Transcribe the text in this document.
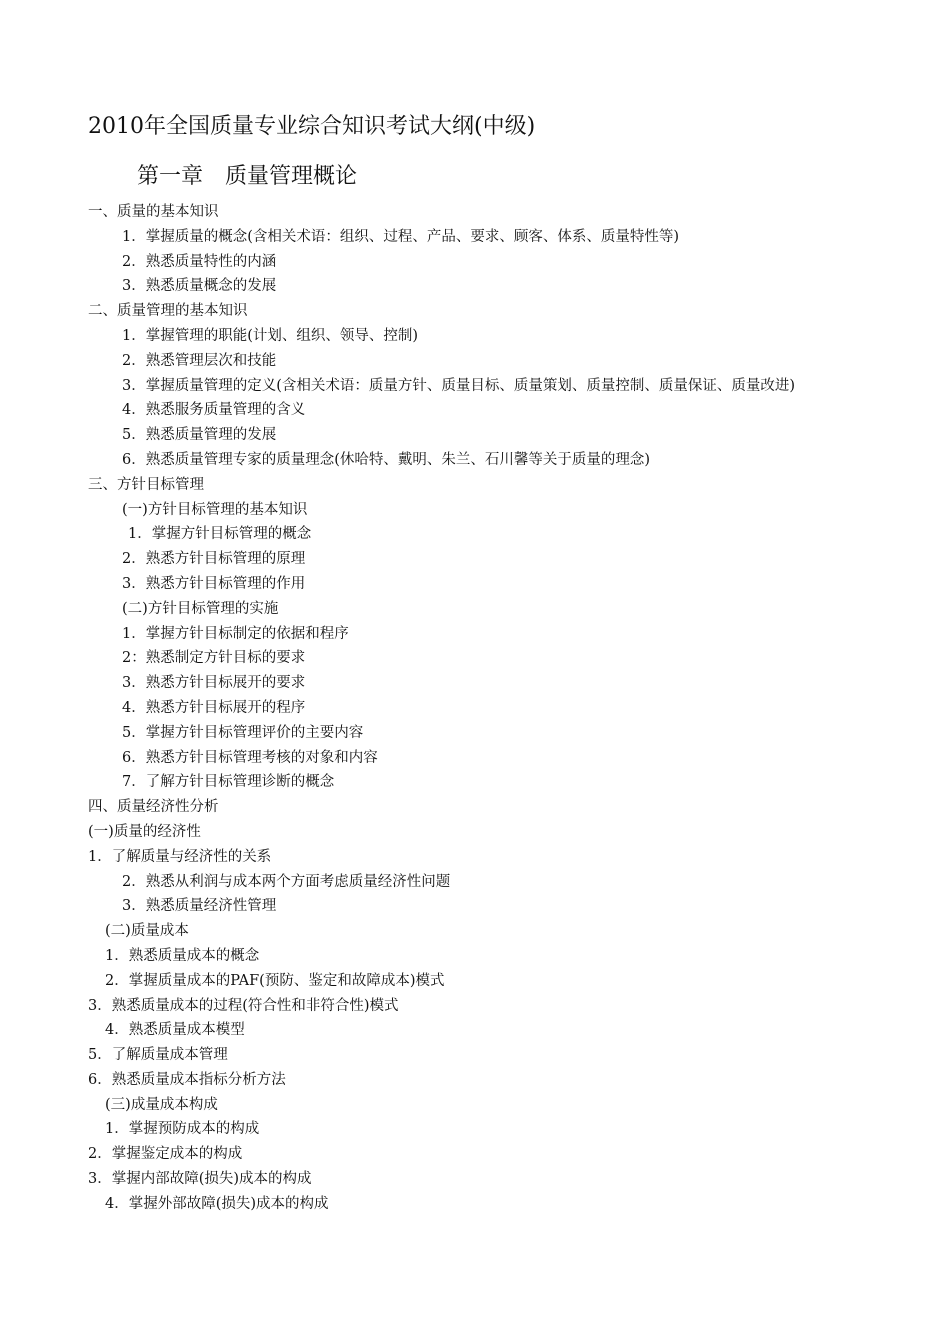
2010年全国质量专业综合知识考试大纲(中级)
第一章　质量管理概论
一、质量的基本知识
1．掌握质量的概念(含相关术语：组织、过程、产品、要求、顾客、体系、质量特性等)
2．熟悉质量特性的内涵
3．熟悉质量概念的发展
二、质量管理的基本知识
1．掌握管理的职能(计划、组织、领导、控制)
2．熟悉管理层次和技能
3．掌握质量管理的定义(含相关术语：质量方针、质量目标、质量策划、质量控制、质量保证、质量改进)
4．熟悉服务质量管理的含义
5．熟悉质量管理的发展
6．熟悉质量管理专家的质量理念(休哈特、戴明、朱兰、石川馨等关于质量的理念)
三、方针目标管理
(一)方针目标管理的基本知识
1．掌握方针目标管理的概念
2．熟悉方针目标管理的原理
3．熟悉方针目标管理的作用
(二)方针目标管理的实施
1．掌握方针目标制定的依据和程序
2：熟悉制定方针目标的要求
3．熟悉方针目标展开的要求
4．熟悉方针目标展开的程序
5．掌握方针目标管理评价的主要内容
6．熟悉方针目标管理考核的对象和内容
7．了解方针目标管理诊断的概念
四、质量经济性分析
(一)质量的经济性
1．了解质量与经济性的关系
2．熟悉从利润与成本两个方面考虑质量经济性问题
3．熟悉质量经济性管理
(二)质量成本
1．熟悉质量成本的概念
2．掌握质量成本的PAF(预防、鉴定和故障成本)模式
3．熟悉质量成本的过程(符合性和非符合性)模式
4．熟悉质量成本模型
5．了解质量成本管理
6．熟悉质量成本指标分析方法
(三)成量成本构成
1．掌握预防成本的构成
2．掌握鉴定成本的构成
3．掌握内部故障(损失)成本的构成
4．掌握外部故障(损失)成本的构成
